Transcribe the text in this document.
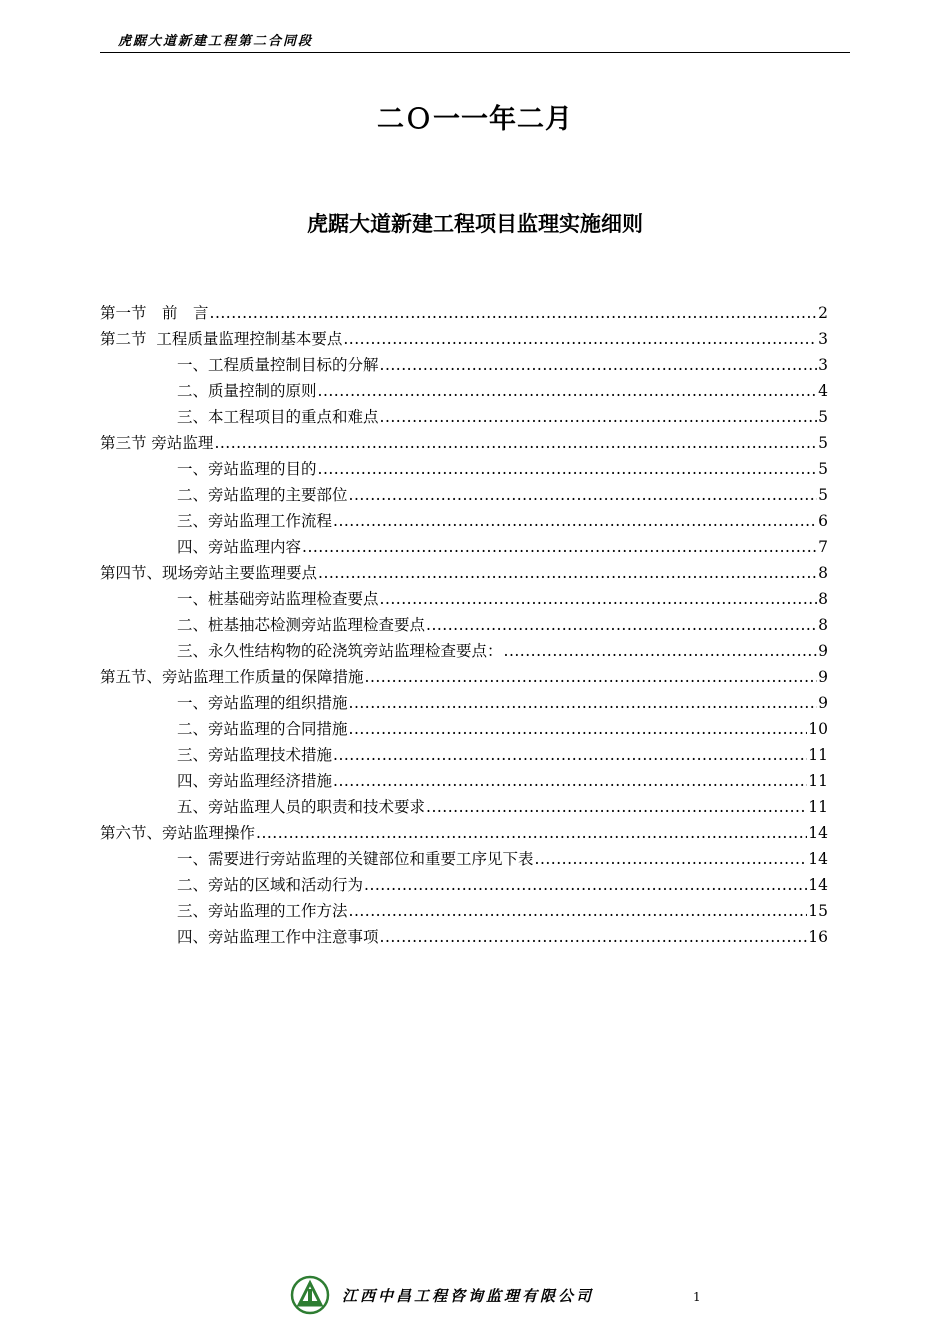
虎踞大道新建工程第二合同段
二Ｏ一一年二月
虎踞大道新建工程项目监理实施细则
第一节　前　言 .....	2
第二节  工程质量监理控制基本要点 .....	3
一、工程质量控制目标的分解 .....	3
二、质量控制的原则 .....	4
三、本工程项目的重点和难点 .....	5
第三节 旁站监理 .....	5
一、旁站监理的目的 .....	5
二、旁站监理的主要部位 .....	5
三、旁站监理工作流程 .....	6
四、旁站监理内容 .....	7
第四节、现场旁站主要监理要点 .....	8
一、桩基础旁站监理检查要点 .....	8
二、桩基抽芯检测旁站监理检查要点 .....	8
三、永久性结构物的砼浇筑旁站监理检查要点： .....	9
第五节、旁站监理工作质量的保障措施 .....	9
一、旁站监理的组织措施 .....	9
二、旁站监理的合同措施 .....	10
三、旁站监理技术措施 .....	11
四、旁站监理经济措施 .....	11
五、旁站监理人员的职责和技术要求 .....	11
第六节、旁站监理操作 .....	14
一、需要进行旁站监理的关键部位和重要工序见下表 .....	14
二、旁站的区域和活动行为 .....	14
三、旁站监理的工作方法 .....	15
四、旁站监理工作中注意事项 .....	16
江西中昌工程咨询监理有限公司	1
